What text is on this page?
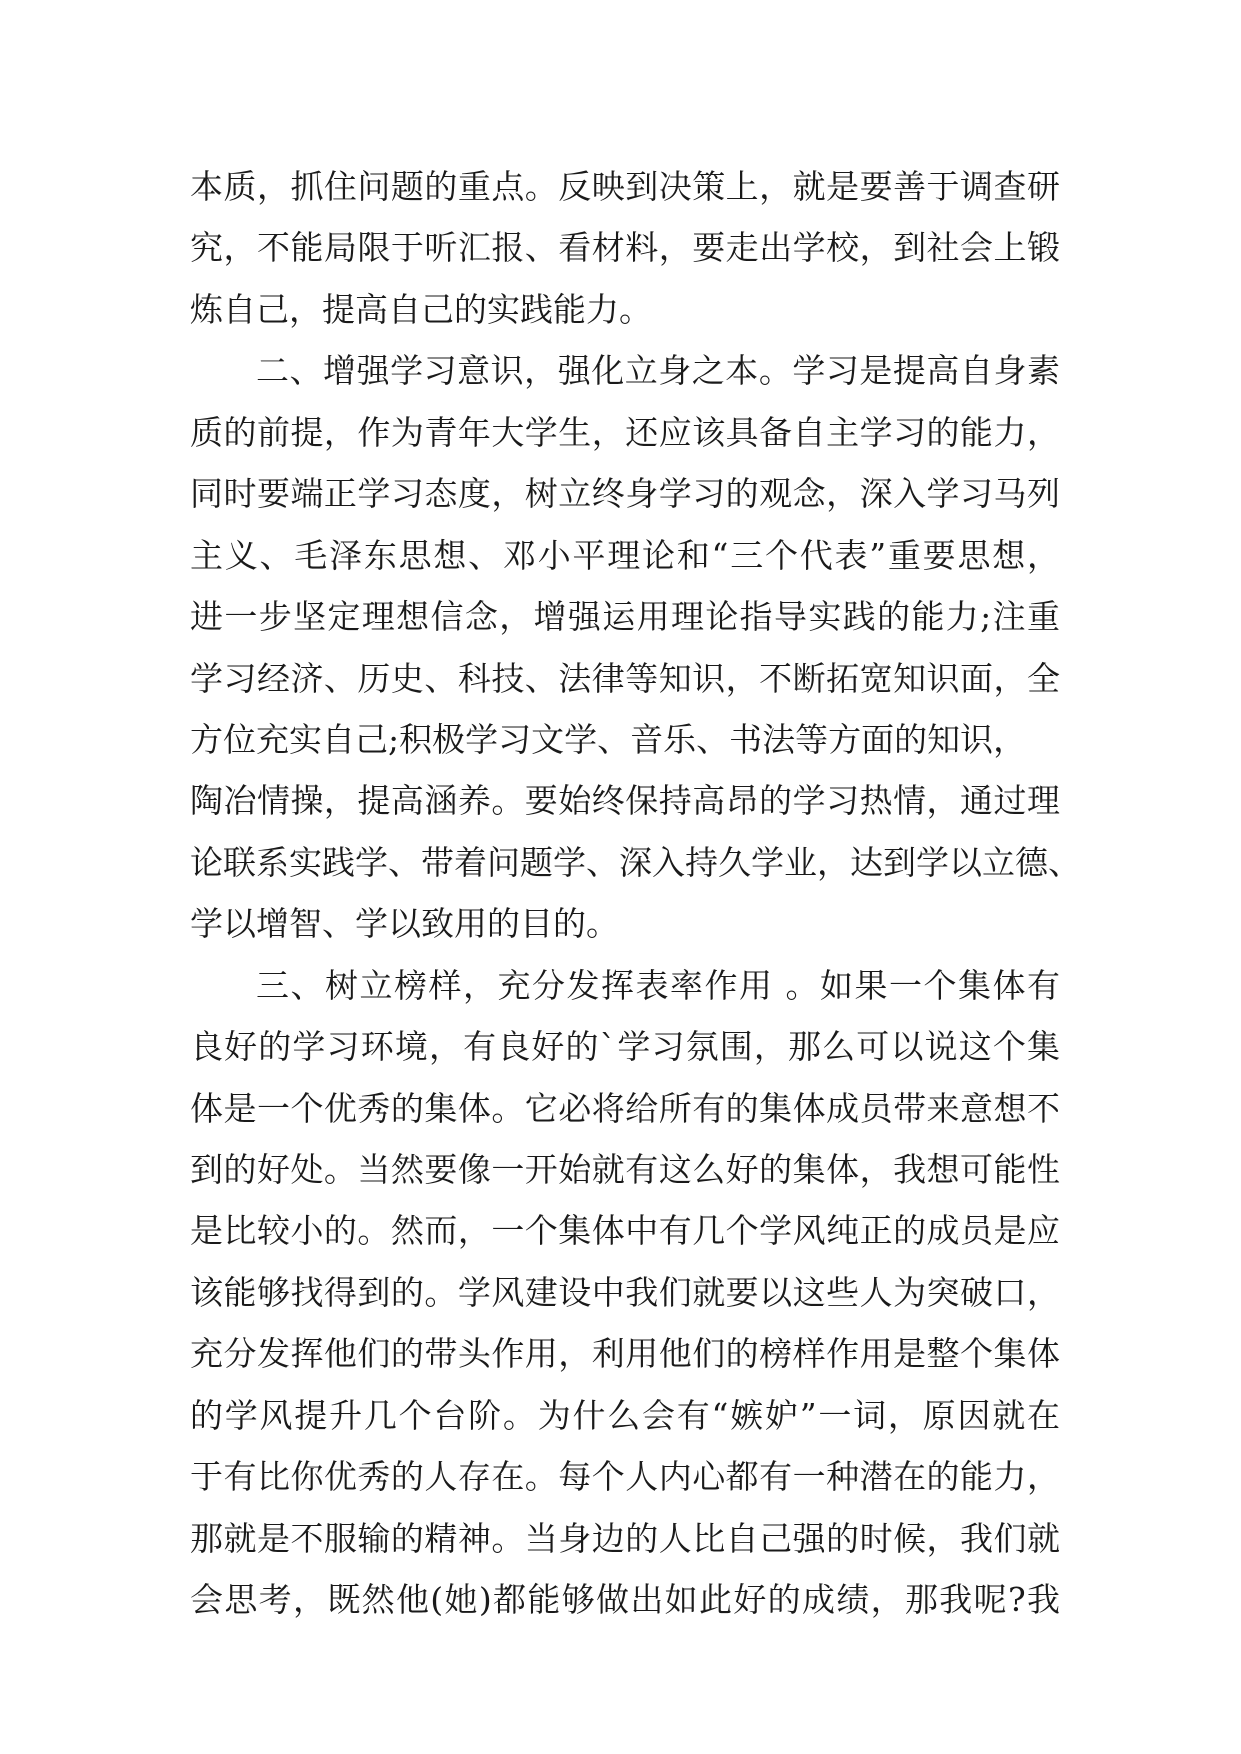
本质，抓住问题的重点。反映到决策上，就是要善于调查研
究，不能局限于听汇报、看材料，要走出学校，到社会上锻
炼自己，提高自己的实践能力。
二、增强学习意识，强化立身之本。学习是提高自身素
质的前提，作为青年大学生，还应该具备自主学习的能力，
同时要端正学习态度，树立终身学习的观念，深入学习马列
主义、毛泽东思想、邓小平理论和“三个代表”重要思想，
进一步坚定理想信念，增强运用理论指导实践的能力;注重
学习经济、历史、科技、法律等知识，不断拓宽知识面，全
方位充实自己;积极学习文学、音乐、书法等方面的知识，
陶冶情操，提高涵养。要始终保持高昂的学习热情，通过理
论联系实践学、带着问题学、深入持久学业，达到学以立德、
学以增智、学以致用的目的。
三、树立榜样，充分发挥表率作用 。如果一个集体有
良好的学习环境，有良好的`学习氛围，那么可以说这个集
体是一个优秀的集体。它必将给所有的集体成员带来意想不
到的好处。当然要像一开始就有这么好的集体，我想可能性
是比较小的。然而，一个集体中有几个学风纯正的成员是应
该能够找得到的。学风建设中我们就要以这些人为突破口，
充分发挥他们的带头作用，利用他们的榜样作用是整个集体
的学风提升几个台阶。为什么会有“嫉妒”一词，原因就在
于有比你优秀的人存在。每个人内心都有一种潜在的能力，
那就是不服输的精神。当身边的人比自己强的时候，我们就
会思考，既然他(她)都能够做出如此好的成绩，那我呢?我
